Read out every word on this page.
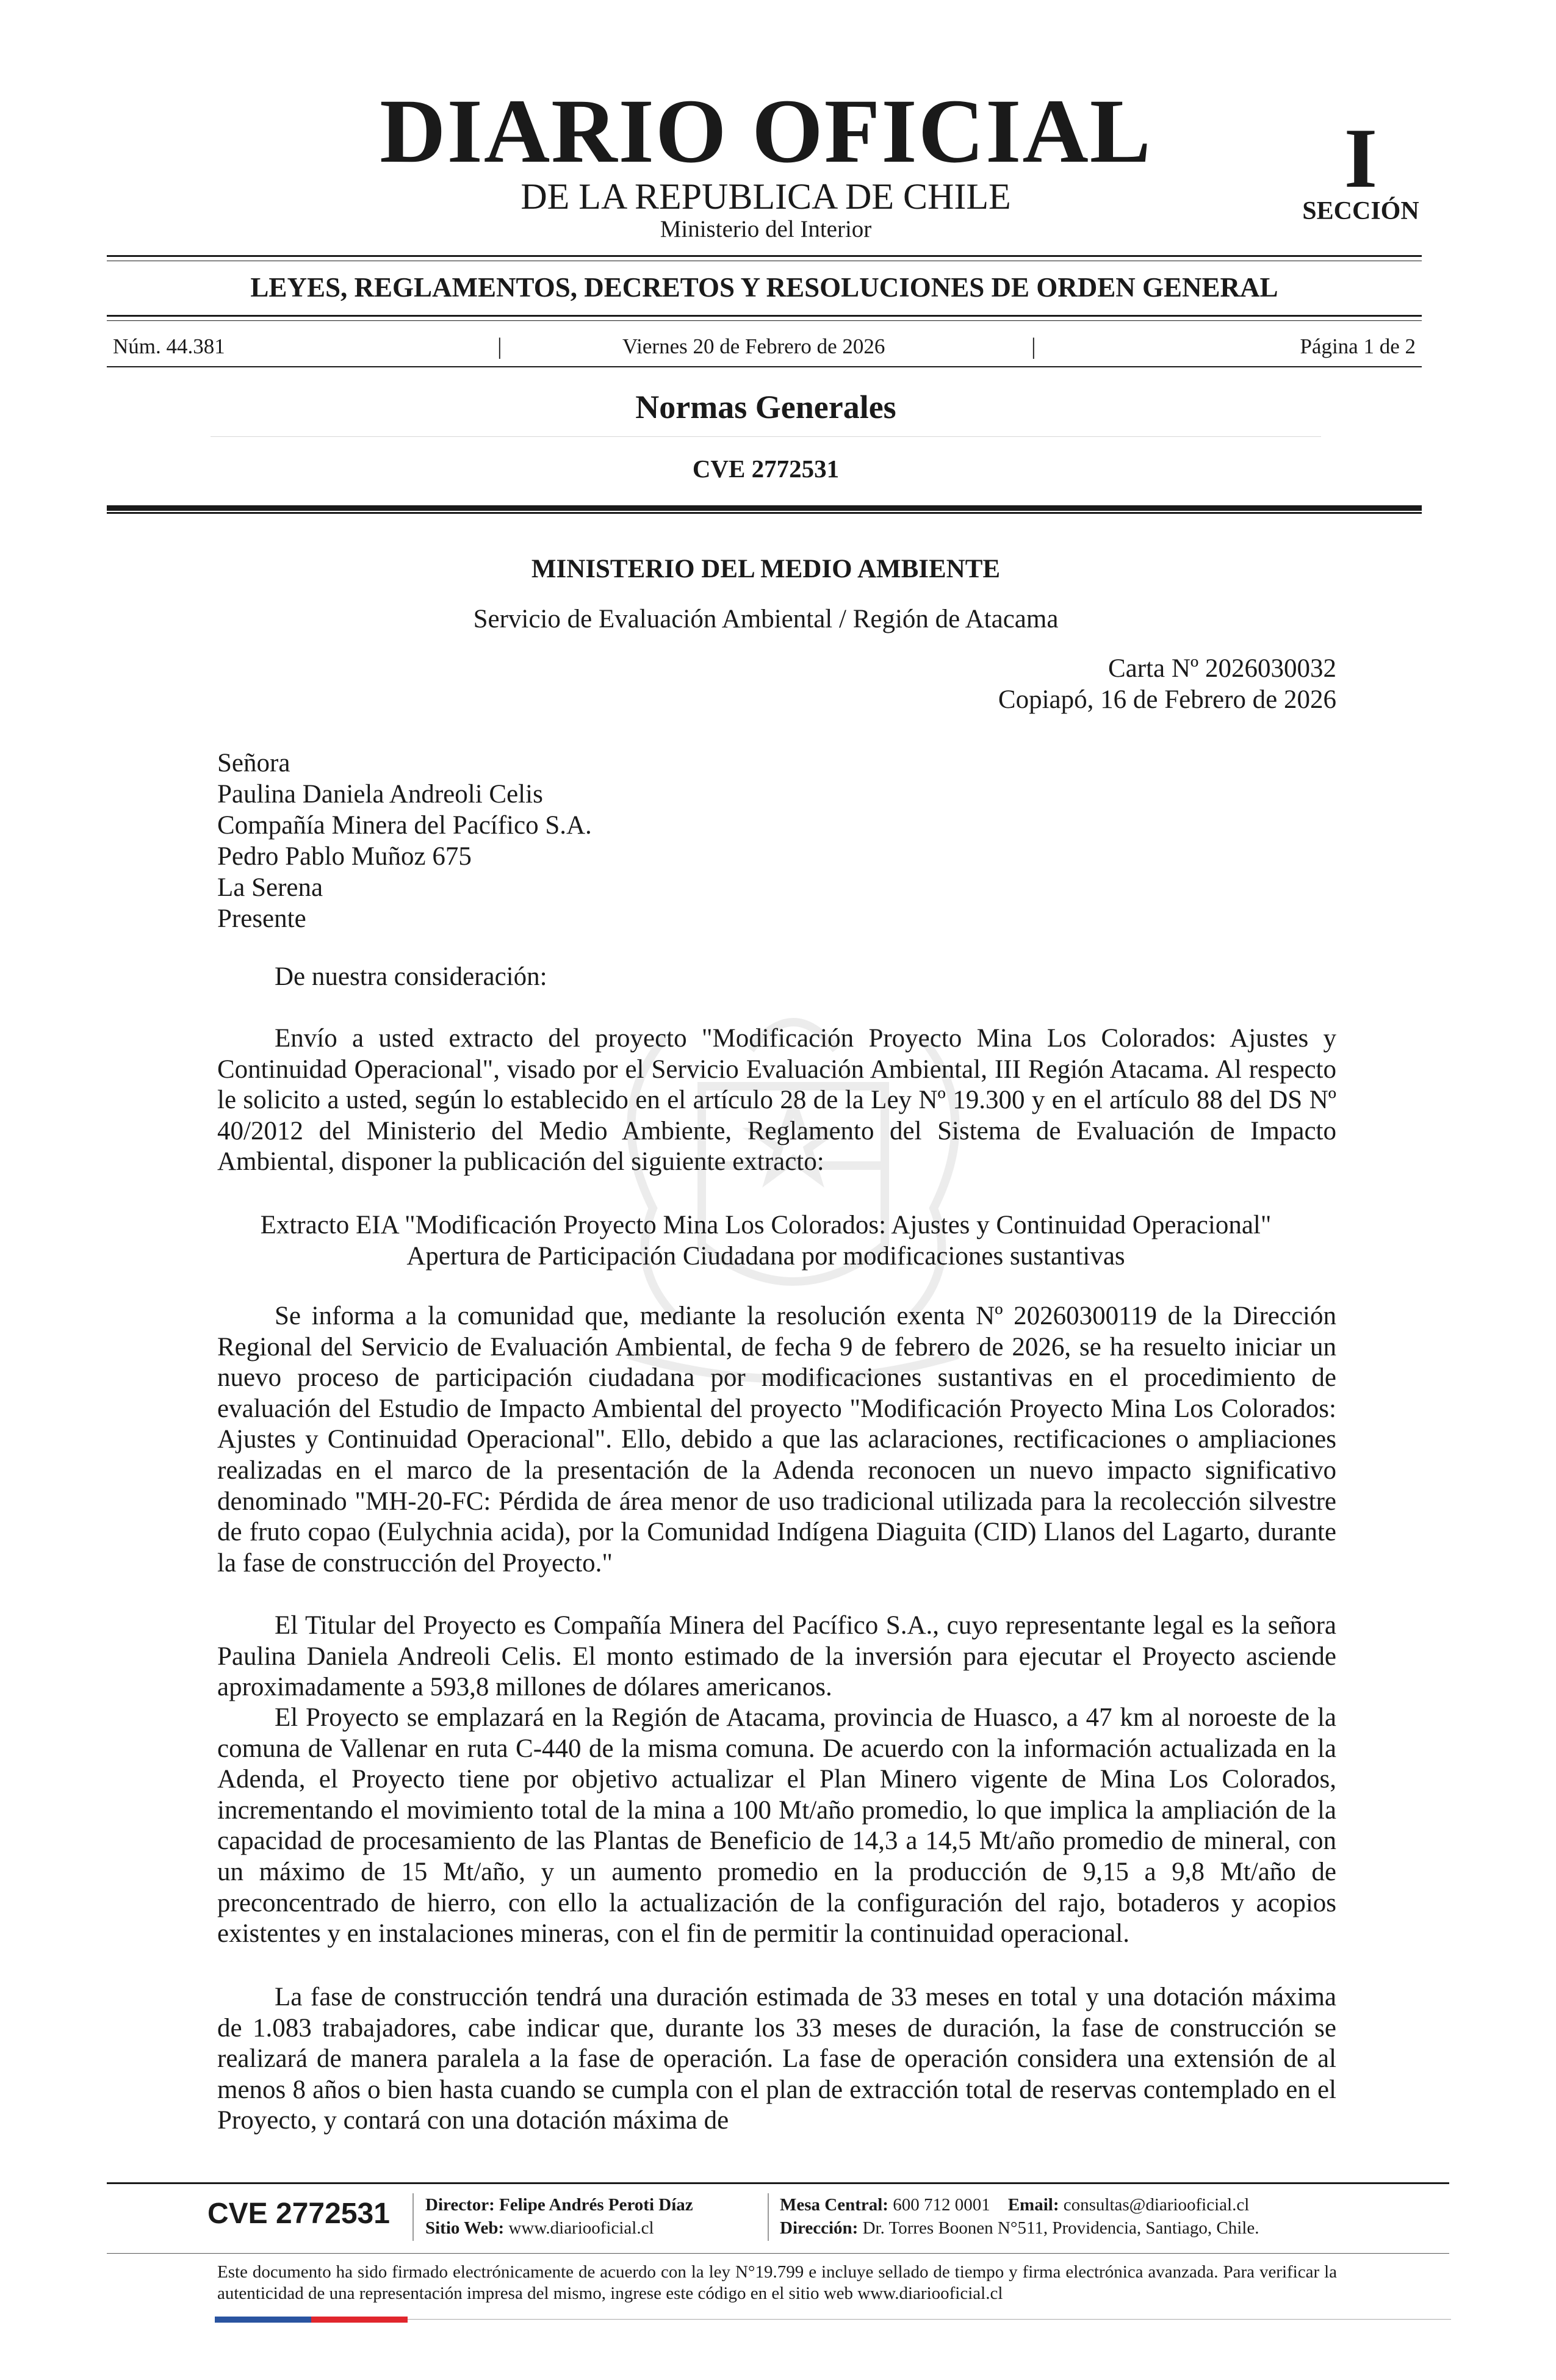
DIARIO OFICIAL
DE LA REPUBLICA DE CHILE
Ministerio del Interior
I
SECCIÓN
LEYES, REGLAMENTOS, DECRETOS Y RESOLUCIONES DE ORDEN GENERAL
Núm. 44.381	|	Viernes 20 de Febrero de 2026	|	Página 1 de 2
Normas Generales
CVE 2772531
MINISTERIO DEL MEDIO AMBIENTE
Servicio de Evaluación Ambiental / Región de Atacama
Carta Nº 2026030032
Copiapó, 16 de Febrero de 2026
Señora
Paulina Daniela Andreoli Celis
Compañía Minera del Pacífico S.A.
Pedro Pablo Muñoz 675
La Serena
Presente
De nuestra consideración:

Envío a usted extracto del proyecto "Modificación Proyecto Mina Los Colorados: Ajustes y Continuidad Operacional", visado por el Servicio Evaluación Ambiental, III Región Atacama. Al respecto le solicito a usted, según lo establecido en el artículo 28 de la Ley Nº 19.300 y en el artículo 88 del DS Nº 40/2012 del Ministerio del Medio Ambiente, Reglamento del Sistema de Evaluación de Impacto Ambiental, disponer la publicación del siguiente extracto:

Extracto EIA "Modificación Proyecto Mina Los Colorados: Ajustes y Continuidad Operacional"
Apertura de Participación Ciudadana por modificaciones sustantivas

Se informa a la comunidad que, mediante la resolución exenta Nº 20260300119 de la Dirección Regional del Servicio de Evaluación Ambiental, de fecha 9 de febrero de 2026, se ha resuelto iniciar un nuevo proceso de participación ciudadana por modificaciones sustantivas en el procedimiento de evaluación del Estudio de Impacto Ambiental del proyecto "Modificación Proyecto Mina Los Colorados: Ajustes y Continuidad Operacional". Ello, debido a que las aclaraciones, rectificaciones o ampliaciones realizadas en el marco de la presentación de la Adenda reconocen un nuevo impacto significativo denominado "MH-20-FC: Pérdida de área menor de uso tradicional utilizada para la recolección silvestre de fruto copao (Eulychnia acida), por la Comunidad Indígena Diaguita (CID) Llanos del Lagarto, durante la fase de construcción del Proyecto."

El Titular del Proyecto es Compañía Minera del Pacífico S.A., cuyo representante legal es la señora Paulina Daniela Andreoli Celis. El monto estimado de la inversión para ejecutar el Proyecto asciende aproximadamente a 593,8 millones de dólares americanos.

El Proyecto se emplazará en la Región de Atacama, provincia de Huasco, a 47 km al noroeste de la comuna de Vallenar en ruta C-440 de la misma comuna. De acuerdo con la información actualizada en la Adenda, el Proyecto tiene por objetivo actualizar el Plan Minero vigente de Mina Los Colorados, incrementando el movimiento total de la mina a 100 Mt/año promedio, lo que implica la ampliación de la capacidad de procesamiento de las Plantas de Beneficio de 14,3 a 14,5 Mt/año promedio de mineral, con un máximo de 15 Mt/año, y un aumento promedio en la producción de 9,15 a 9,8 Mt/año de preconcentrado de hierro, con ello la actualización de la configuración del rajo, botaderos y acopios existentes y en instalaciones mineras, con el fin de permitir la continuidad operacional.

La fase de construcción tendrá una duración estimada de 33 meses en total y una dotación máxima de 1.083 trabajadores, cabe indicar que, durante los 33 meses de duración, la fase de construcción se realizará de manera paralela a la fase de operación. La fase de operación considera una extensión de al menos 8 años o bien hasta cuando se cumpla con el plan de extracción total de reservas contemplado en el Proyecto, y contará con una dotación máxima de

CVE 2772531 Director: Felipe Andrés Peroti Díaz
Sitio Web: www.diariooficial.cl
Mesa Central: 600 712 0001 Email: consultas@diariooficial.cl
Dirección: Dr. Torres Boonen N°511, Providencia, Santiago, Chile.

Este documento ha sido firmado electrónicamente de acuerdo con la ley N°19.799 e incluye sellado de tiempo y firma electrónica avanzada. Para verificar la autenticidad de una representación impresa del mismo, ingrese este código en el sitio web www.diariooficial.cl
